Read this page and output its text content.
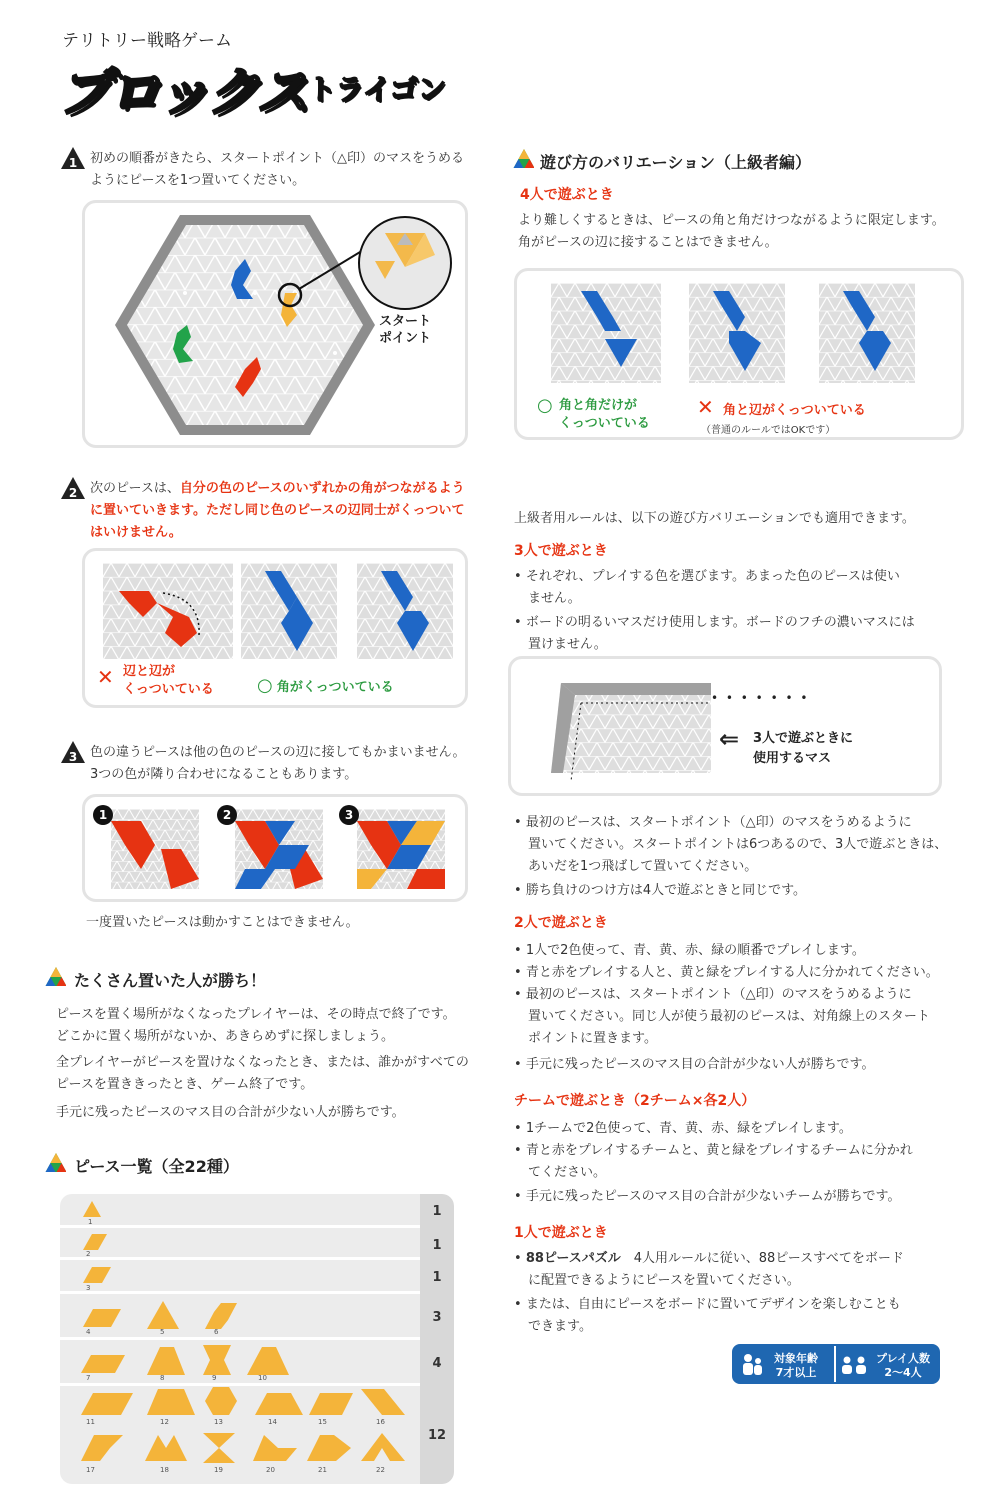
テリトリー戦略ゲーム
ブロックス トライゴン
1 初めの順番がきたら、スタートポイント（△印）のマスをうめる
ようにピースを1つ置いてください。
スタートポイント
2 次のピースは、自分の色のピースのいずれかの角がつながるよう
に置いていきます。ただし同じ色のピースの辺同士がくっついて
はいけません。
✕ 辺と辺が
くっついている	○ 角がくっついている
3 色の違うピースは他の色のピースの辺に接してもかまいません。
3つの色が隣り合わせになることもあります。
1	2	3
一度置いたピースは動かすことはできません。
たくさん置いた人が勝ち！
ピースを置く場所がなくなったプレイヤーは、その時点で終了です。
どこかに置く場所がないか、あきらめずに探しましょう。
全プレイヤーがピースを置けなくなったとき、または、誰かがすべての
ピースを置ききったとき、ゲーム終了です。
手元に残ったピースのマス目の合計が少ない人が勝ちです。
ピース一覧（全22種）
1
1
2
1
3
1
4	5	6
3
7	8	9	10
4
11	12	13	14	15	16
17	18	19	20	21	22
12
遊び方のバリエーション（上級者編）
4人で遊ぶとき
より難しくするときは、ピースの角と角だけつながるように限定します。
角がピースの辺に接することはできません。
○ 角と角だけが
くっついている
✕ 角と辺がくっついている
（普通のルールではOKです）
上級者用ルールは、以下の遊び方バリエーションでも適用できます。
3人で遊ぶとき
• それぞれ、プレイする色を選びます。あまった色のピースは使い
ません。
• ボードの明るいマスだけ使用します。ボードのフチの濃いマスには
置けません。
• • • • • • •
⇐ 3人で遊ぶときに
使用するマス
• 最初のピースは、スタートポイント（△印）のマスをうめるように
置いてください。スタートポイントは6つあるので、3人で遊ぶときは、
あいだを1つ飛ばして置いてください。
• 勝ち負けのつけ方は4人で遊ぶときと同じです。
2人で遊ぶとき
• 1人で2色使って、青、黄、赤、緑の順番でプレイします。
• 青と赤をプレイする人と、黄と緑をプレイする人に分かれてください。
• 最初のピースは、スタートポイント（△印）のマスをうめるように
置いてください。同じ人が使う最初のピースは、対角線上のスタート
ポイントに置きます。
• 手元に残ったピースのマス目の合計が少ない人が勝ちです。
チームで遊ぶとき（2チーム×各2人）
• 1チームで2色使って、青、黄、赤、緑をプレイします。
• 青と赤をプレイするチームと、黄と緑をプレイするチームに分かれ
てください。
• 手元に残ったピースのマス目の合計が少ないチームが勝ちです。
1人で遊ぶとき
• 88ピースパズル　 4人用ルールに従い、88ピースすべてをボード
に配置できるようにピースを置いてください。
• または、自由にピースをボードに置いてデザインを楽しむことも
できます。
対象年齢
7才以上
プレイ人数
2〜4人
